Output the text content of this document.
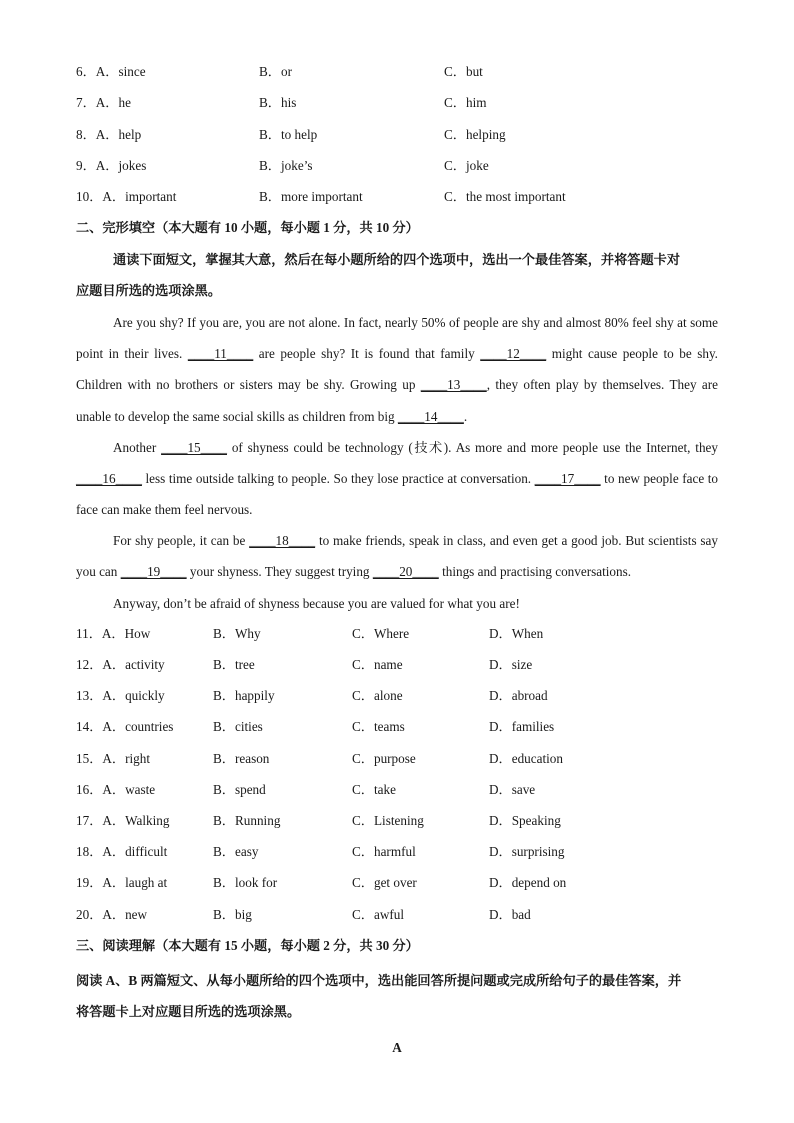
6．A．since	B．or	C．but
7．A．he	B．his	C．him
8．A．help	B．to help	C．helping
9．A．jokes	B．joke’s	C．joke
10．A．important	B．more important	C．the most important
二、完形填空（本大题有 10 小题，每小题 1 分，共 10 分）
通读下面短文，掌握其大意，然后在每小题所给的四个选项中，选出一个最佳答案，并将答题卡对
应题目所选的选项涂黑。
Are you shy? If you are, you are not alone. In fact, nearly 50% of people are shy and almost 80% feel shy at some point in their lives. ____11____ are people shy? It is found that family ____12____ might cause people to be shy. Children with no brothers or sisters may be shy. Growing up ____13____, they often play by themselves. They are unable to develop the same social skills as children from big ____14____.
Another ____15____ of shyness could be technology (技术). As more and more people use the Internet, they ____16____ less time outside talking to people. So they lose practice at conversation. ____17____ to new people face to face can make them feel nervous.
For shy people, it can be ____18____ to make friends, speak in class, and even get a good job. But scientists say you can ____19____ your shyness. They suggest trying ____20____ things and practising conversations.
Anyway, don’t be afraid of shyness because you are valued for what you are!
11．A．How	B．Why	C．Where	D．When
12．A．activity	B．tree	C．name	D．size
13．A．quickly	B．happily	C．alone	D．abroad
14．A．countries	B．cities	C．teams	D．families
15．A．right	B．reason	C．purpose	D．education
16．A．waste	B．spend	C．take	D．save
17．A．Walking	B．Running	C．Listening	D．Speaking
18．A．difficult	B．easy	C．harmful	D．surprising
19．A．laugh at	B．look for	C．get over	D．depend on
20．A．new	B．big	C．awful	D．bad
三、阅读理解（本大题有 15 小题，每小题 2 分，共 30 分）
阅读 A、B 两篇短文、从每小题所给的四个选项中，选出能回答所提问题或完成所给句子的最佳答案，并
将答题卡上对应题目所选的选项涂黑。
A
